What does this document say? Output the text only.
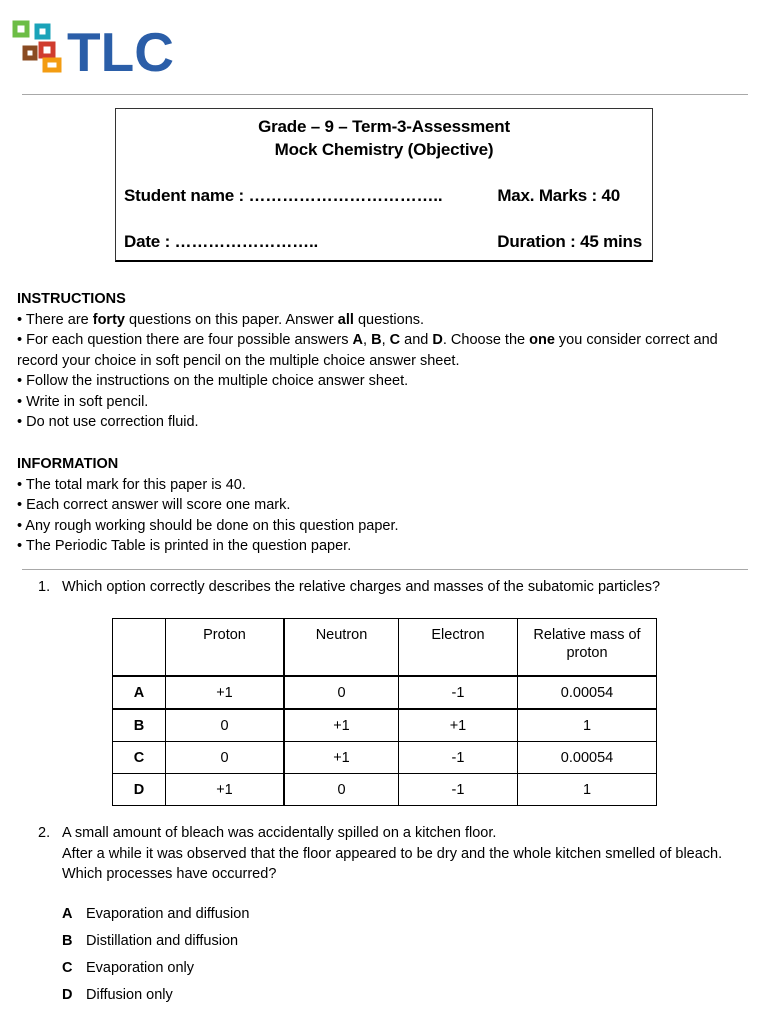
TLC
Grade – 9 – Term-3-Assessment
Mock Chemistry (Objective)
Student name : ……………………………..	Max. Marks : 40
Date : ……………………..	Duration : 45 mins

INSTRUCTIONS

• There are forty questions on this paper. Answer all questions.

• For each question there are four possible answers A, B, C and D. Choose the one you consider correct and

record your choice in soft pencil on the multiple choice answer sheet.

• Follow the instructions on the multiple choice answer sheet.

• Write in soft pencil.

• Do not use correction fluid.

INFORMATION

• The total mark for this paper is 40.

• Each correct answer will score one mark.

• Any rough working should be done on this question paper.

• The Periodic Table is printed in the question paper.

1. Which option correctly describes the relative charges and masses of the subatomic particles?
	Proton	Neutron	Electron	Relative mass of proton
A	+1	0	-1	0.00054
B	0	+1	+1	1
C	0	+1	-1	0.00054
D	+1	0	-1	1
2. A small amount of bleach was accidentally spilled on a kitchen floor.
After a while it was observed that the floor appeared to be dry and the whole kitchen smelled of bleach.
Which processes have occurred?
A Evaporation and diffusion
B Distillation and diffusion
C Evaporation only
D Diffusion only
